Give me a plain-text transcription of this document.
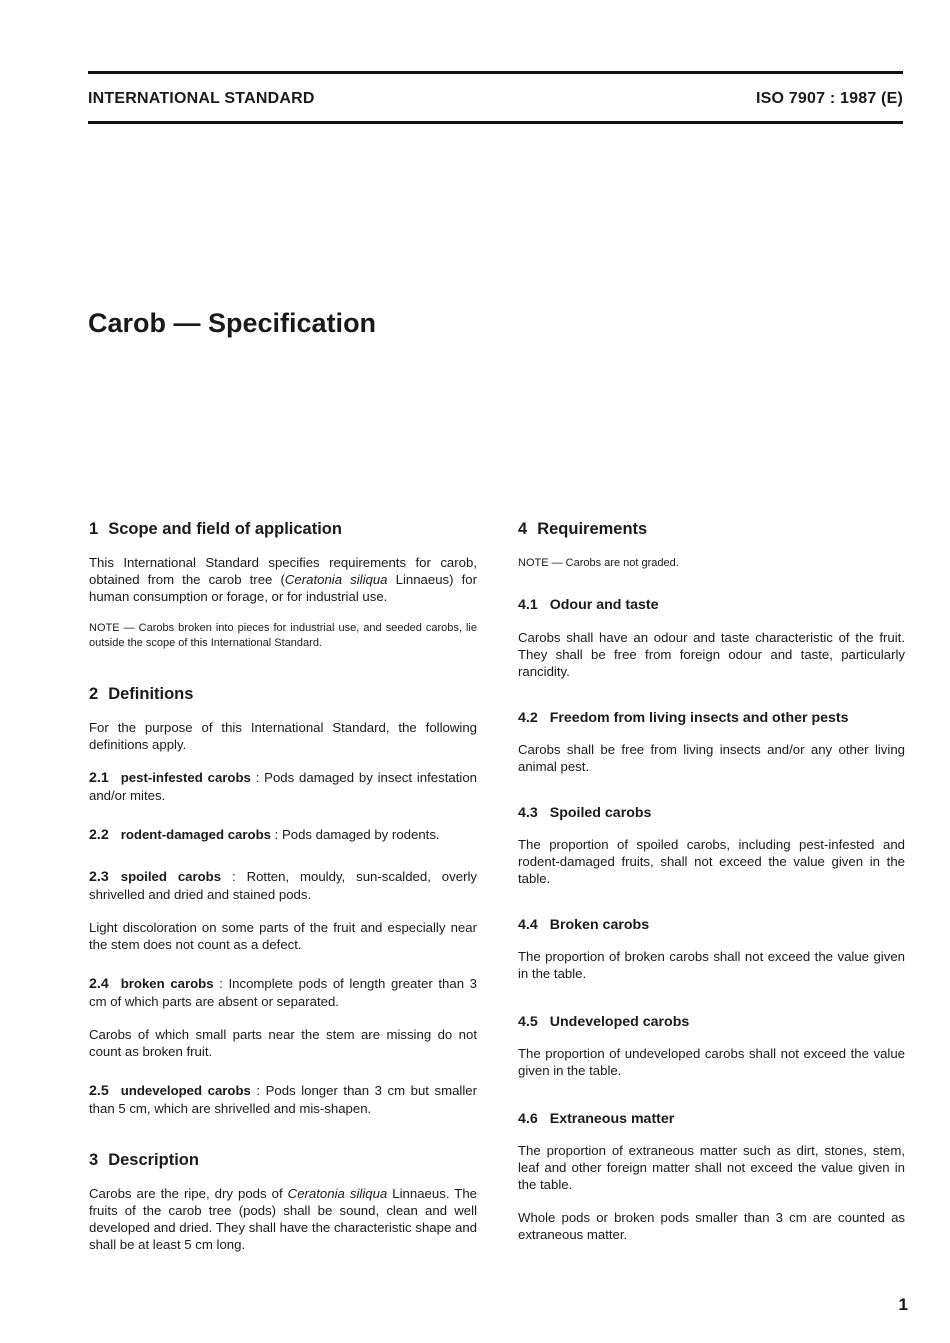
INTERNATIONAL STANDARD	ISO 7907 : 1987 (E)
Carob — Specification
1 Scope and field of application

This International Standard specifies requirements for carob, obtained from the carob tree (Ceratonia siliqua Linnaeus) for human consumption or forage, or for industrial use.

NOTE — Carobs broken into pieces for industrial use, and seeded carobs, lie outside the scope of this International Standard.

2 Definitions

For the purpose of this International Standard, the following definitions apply.

2.1 pest-infested carobs : Pods damaged by insect infestation and/or mites.

2.2 rodent-damaged carobs : Pods damaged by rodents.

2.3 spoiled carobs : Rotten, mouldy, sun-scalded, overly shrivelled and dried and stained pods.

Light discoloration on some parts of the fruit and especially near the stem does not count as a defect.

2.4 broken carobs : Incomplete pods of length greater than 3 cm of which parts are absent or separated.

Carobs of which small parts near the stem are missing do not count as broken fruit.

2.5 undeveloped carobs : Pods longer than 3 cm but smaller than 5 cm, which are shrivelled and mis-shapen.

3 Description

Carobs are the ripe, dry pods of Ceratonia siliqua Linnaeus. The fruits of the carob tree (pods) shall be sound, clean and well developed and dried. They shall have the characteristic shape and shall be at least 5 cm long.

4 Requirements

NOTE — Carobs are not graded.

4.1 Odour and taste

Carobs shall have an odour and taste characteristic of the fruit. They shall be free from foreign odour and taste, particularly rancidity.

4.2 Freedom from living insects and other pests

Carobs shall be free from living insects and/or any other living animal pest.

4.3 Spoiled carobs

The proportion of spoiled carobs, including pest-infested and rodent-damaged fruits, shall not exceed the value given in the table.

4.4 Broken carobs

The proportion of broken carobs shall not exceed the value given in the table.

4.5 Undeveloped carobs

The proportion of undeveloped carobs shall not exceed the value given in the table.

4.6 Extraneous matter

The proportion of extraneous matter such as dirt, stones, stem, leaf and other foreign matter shall not exceed the value given in the table.

Whole pods or broken pods smaller than 3 cm are counted as extraneous matter.

1
